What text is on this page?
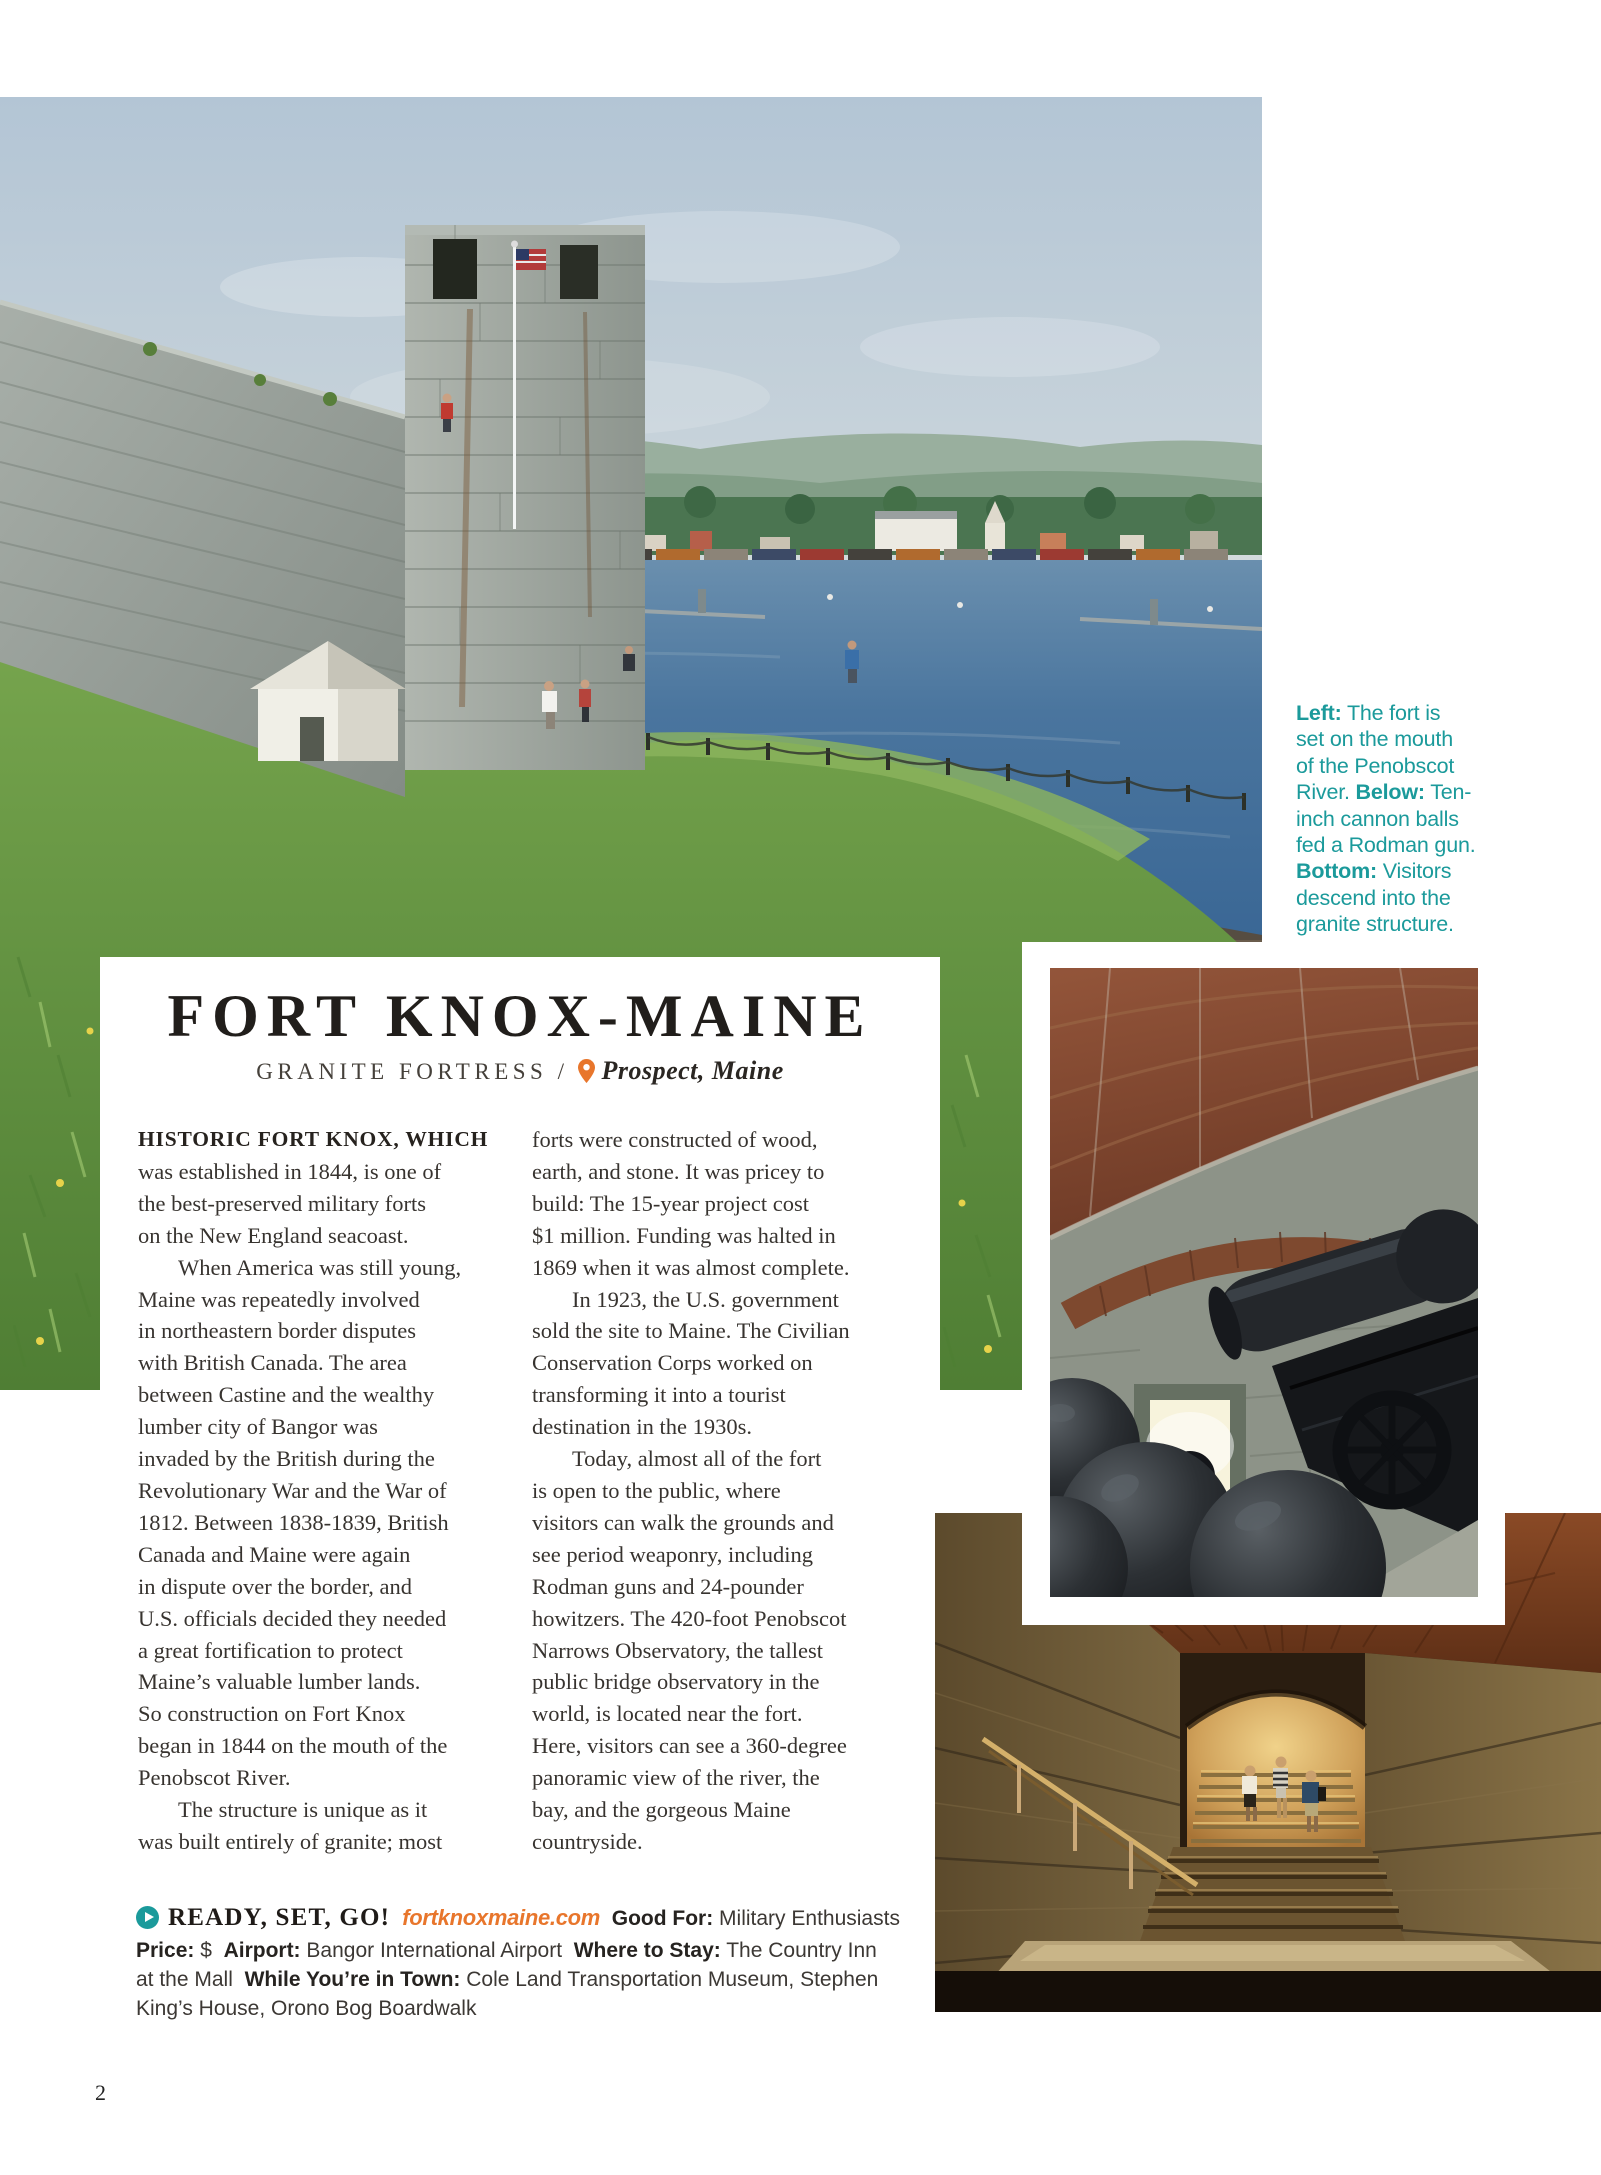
Left: The fort is
set on the mouth
of the Penobscot
River. Below: Ten-
inch cannon balls
fed a Rodman gun.
Bottom: Visitors
descend into the
granite structure.
FORT KNOX-MAINE
GRANITE FORTRESS / Prospect, Maine
HISTORIC FORT KNOX, WHICH
was established in 1844, is one of
the best-preserved military forts
on the New England seacoast.
When America was still young,
Maine was repeatedly involved
in northeastern border disputes
with British Canada. The area
between Castine and the wealthy
lumber city of Bangor was
invaded by the British during the
Revolutionary War and the War of
1812. Between 1838-1839, British
Canada and Maine were again
in dispute over the border, and
U.S. officials decided they needed
a great fortification to protect
Maine’s valuable lumber lands.
So construction on Fort Knox
began in 1844 on the mouth of the
Penobscot River.
The structure is unique as it
was built entirely of granite; most
forts were constructed of wood,
earth, and stone. It was pricey to
build: The 15-year project cost
$1 million. Funding was halted in
1869 when it was almost complete.
In 1923, the U.S. government
sold the site to Maine. The Civilian
Conservation Corps worked on
transforming it into a tourist
destination in the 1930s.
Today, almost all of the fort
is open to the public, where
visitors can walk the grounds and
see period weaponry, including
Rodman guns and 24-pounder
howitzers. The 420-foot Penobscot
Narrows Observatory, the tallest
public bridge observatory in the
world, is located near the fort.
Here, visitors can see a 360-degree
panoramic view of the river, the
bay, and the gorgeous Maine
countryside.
READY, SET, GO! fortknoxmaine.com Good For: Military Enthusiasts
Price: $  Airport: Bangor International Airport  Where to Stay: The Country Inn
at the Mall  While You’re in Town: Cole Land Transportation Museum, Stephen
King’s House, Orono Bog Boardwalk
2
